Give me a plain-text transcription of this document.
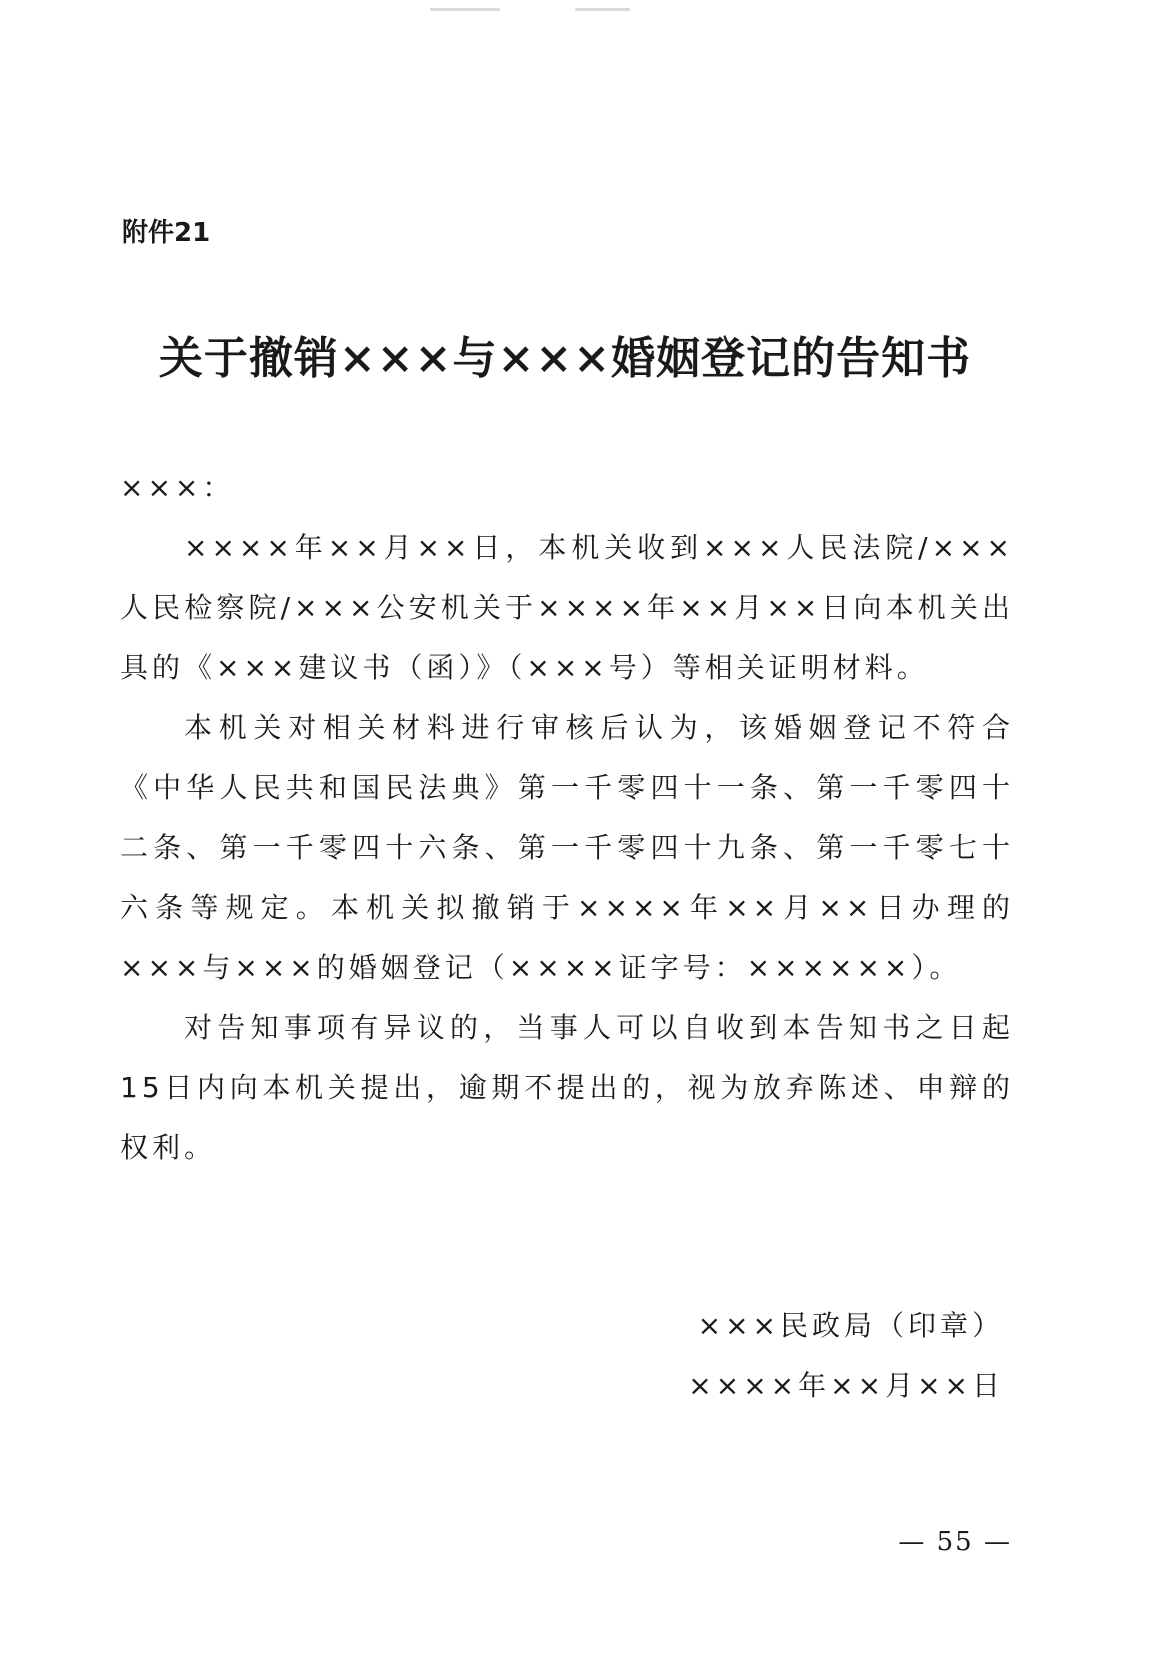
附件21
关于撤销×××与×××婚姻登记的告知书

×××：

××××年××月××日，本机关收到×××人民法院/×××人民检察院/×××公安机关于××××年××月××日向本机关出具的《×××建议书（函）》（×××号）等相关证明材料。

本机关对相关材料进行审核后认为，该婚姻登记不符合《中华人民共和国民法典》第一千零四十一条、第一千零四十二条、第一千零四十六条、第一千零四十九条、第一千零七十六条等规定。本机关拟撤销于××××年××月××日办理的×××与×××的婚姻登记（××××证字号：××××××）。

对告知事项有异议的，当事人可以自收到本告知书之日起15日内向本机关提出，逾期不提出的，视为放弃陈述、申辩的权利。

×××民政局（印章）
××××年××月××日
— 55 —
